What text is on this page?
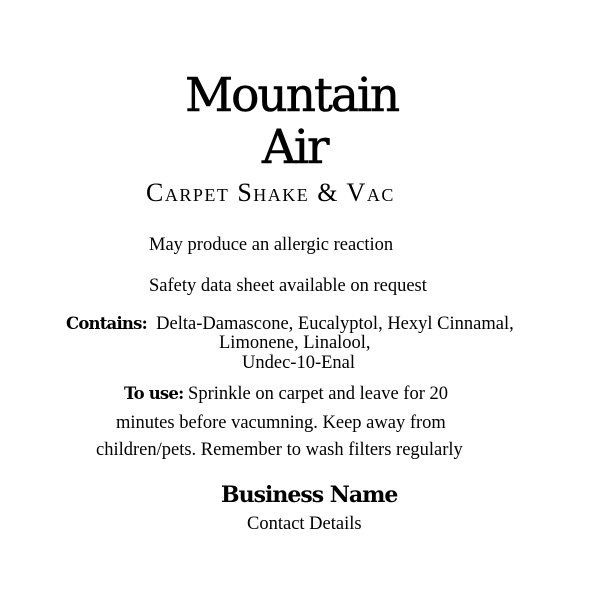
Mountain
Air
Carpet Shake & Vac
May produce an allergic reaction
Safety data sheet available on request
Contains: Delta-Damascone, Eucalyptol, Hexyl Cinnamal,
Limonene, Linalool,
Undec-10-Enal
To use: Sprinkle on carpet and leave for 20
minutes before vacumning. Keep away from
children/pets. Remember to wash filters regularly
Business Name
Contact Details
